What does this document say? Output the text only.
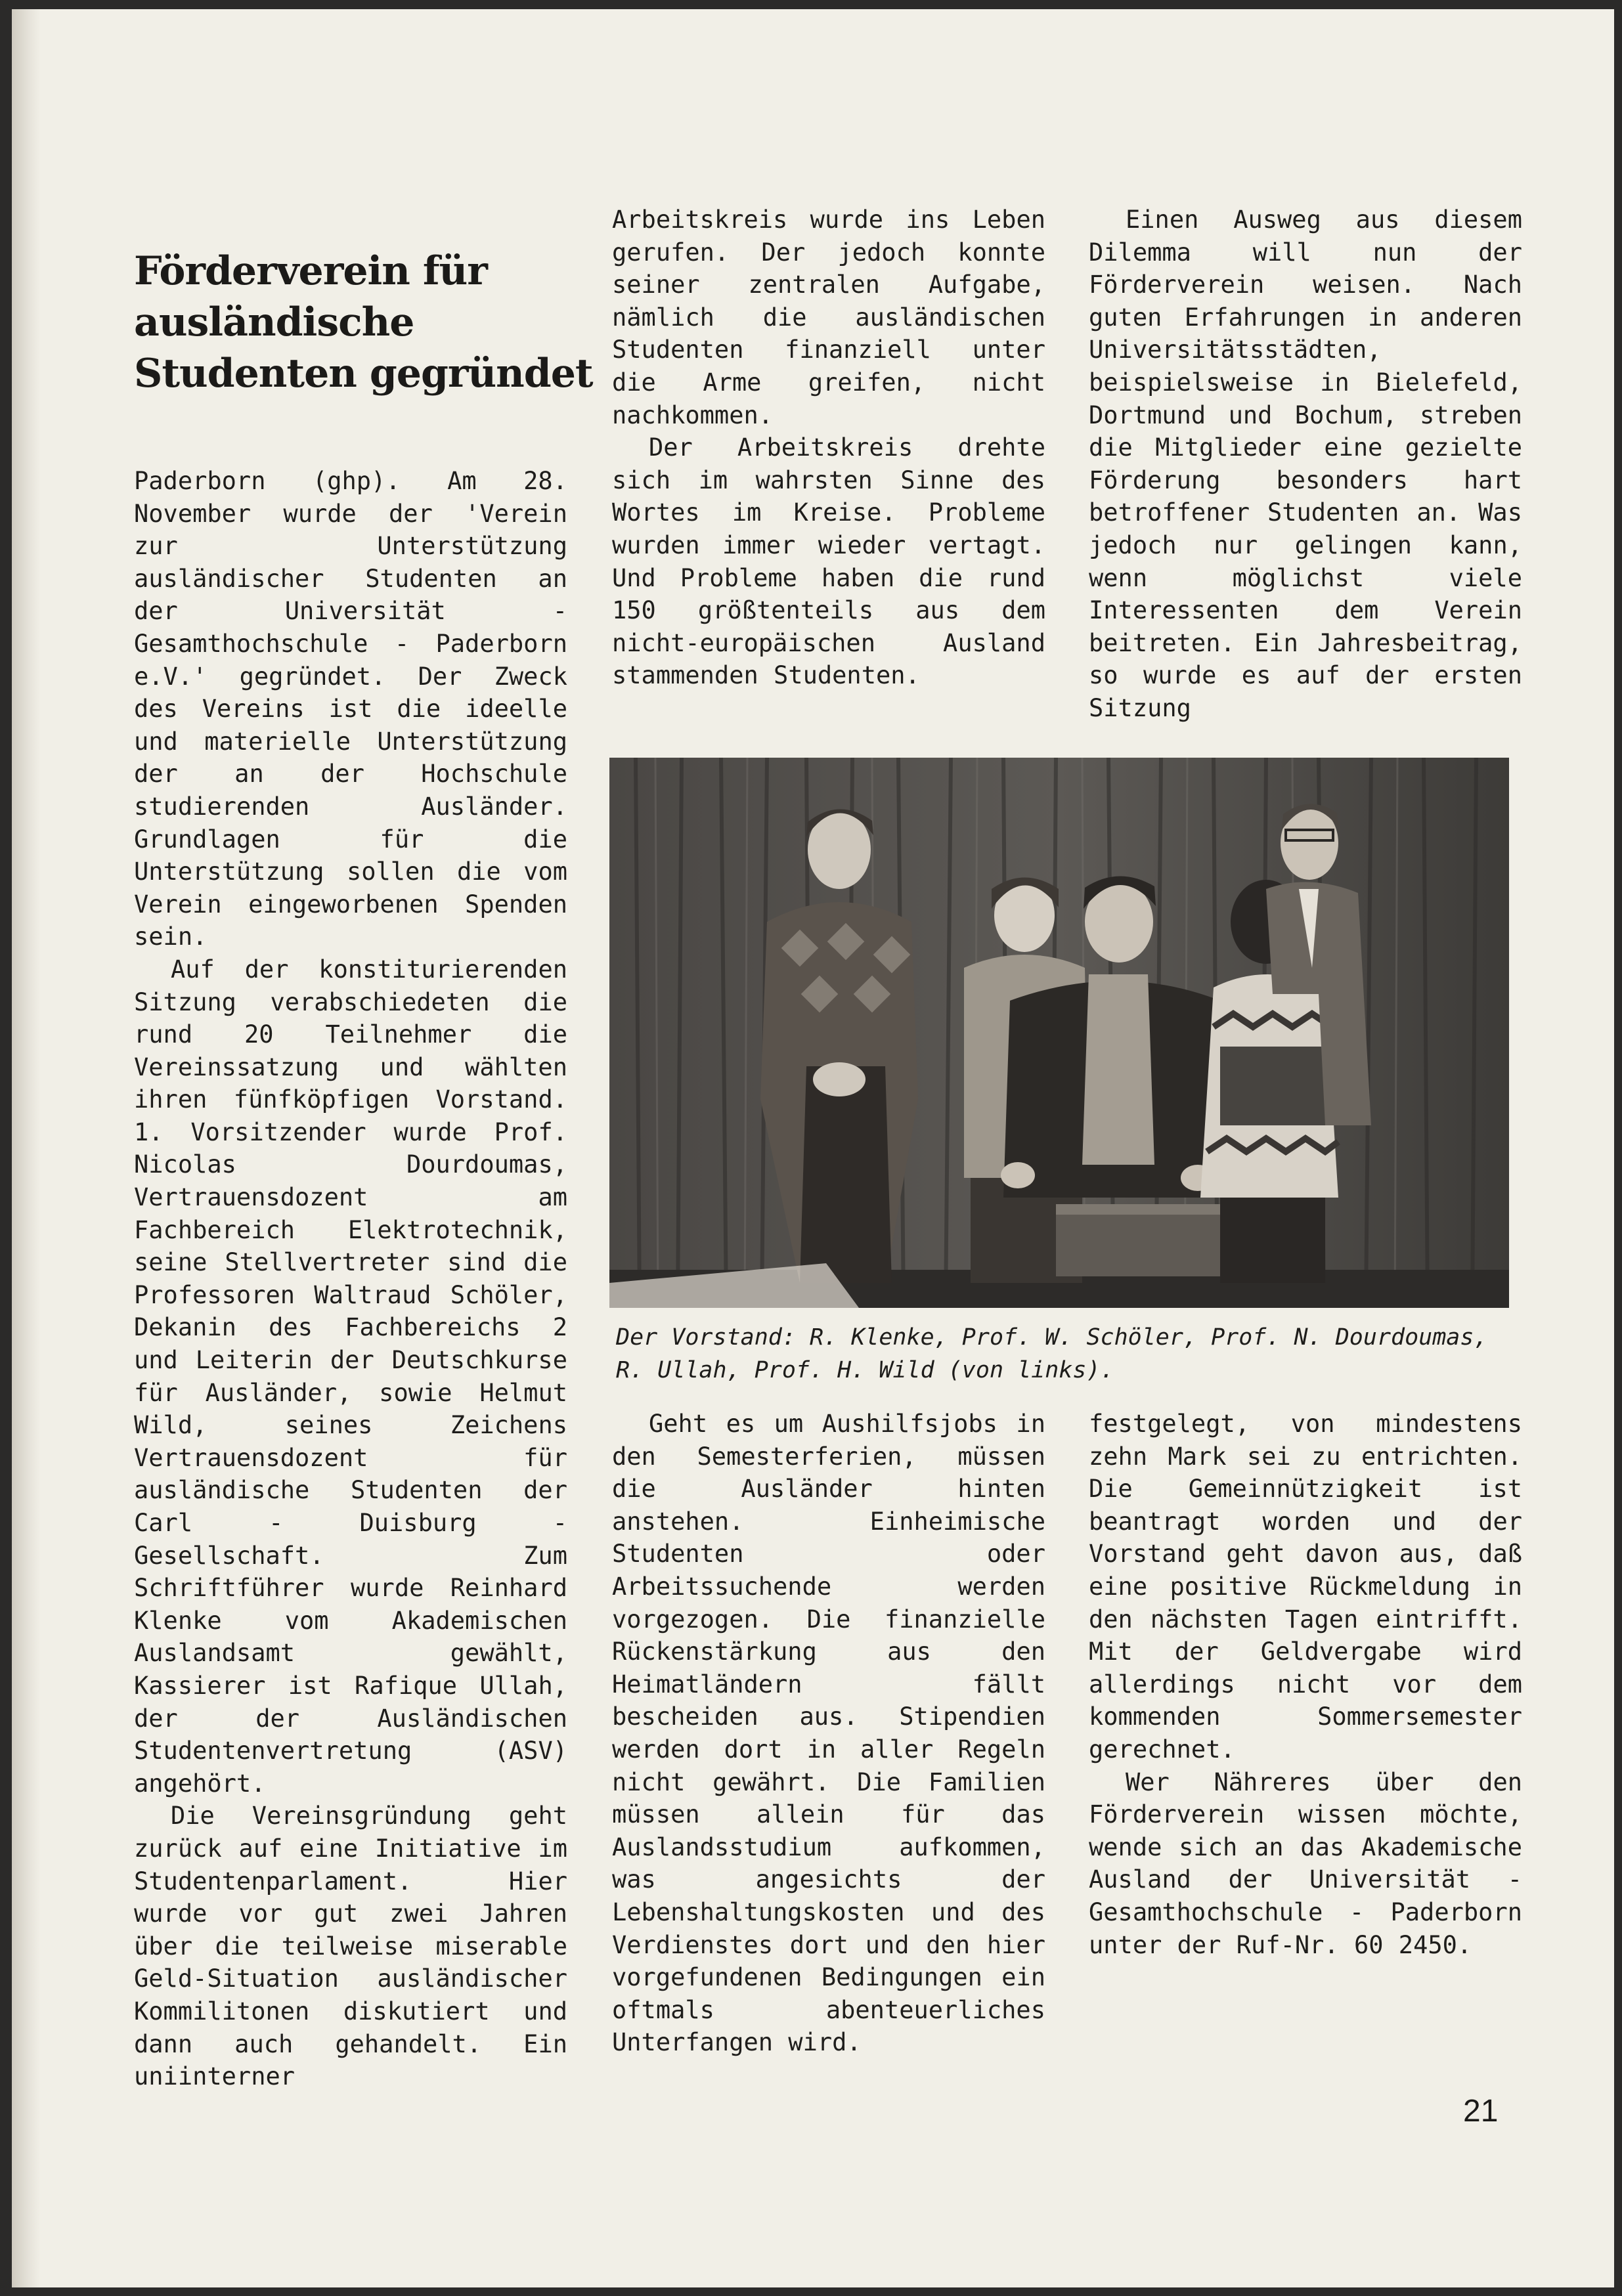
Förderverein für ausländische Studenten gegründet

Paderborn (ghp). Am 28. November wurde der 'Verein zur Unterstützung ausländischer Studenten an der Universität - Gesamthochschule - Paderborn e.V.' gegründet. Der Zweck des Vereins ist die ideelle und materielle Unterstützung der an der Hochschule studierenden Ausländer. Grundlagen für die Unterstützung sollen die vom Verein eingeworbenen Spenden sein.

Auf der konstiturierenden Sitzung verabschiedeten die rund 20 Teilnehmer die Vereinssatzung und wählten ihren fünfköpfigen Vorstand. 1. Vorsitzender wurde Prof. Nicolas Dourdoumas, Vertrauensdozent am Fachbereich Elektrotechnik, seine Stellvertreter sind die Professoren Waltraud Schöler, Dekanin des Fachbereichs 2 und Leiterin der Deutschkurse für Ausländer, sowie Helmut Wild, seines Zeichens Vertrauensdozent für ausländische Studenten der Carl - Duisburg - Gesellschaft. Zum Schriftführer wurde Reinhard Klenke vom Akademischen Auslandsamt gewählt, Kassierer ist Rafique Ullah, der der Ausländischen Studentenvertretung (ASV) angehört.

Die Vereinsgründung geht zurück auf eine Initiative im Studentenparlament. Hier wurde vor gut zwei Jahren über die teilweise miserable Geld-Situation ausländischer Kommilitonen diskutiert und dann auch gehandelt. Ein uniinterner

Arbeitskreis wurde ins Leben gerufen. Der jedoch konnte seiner zentralen Aufgabe, nämlich die ausländischen Studenten finanziell unter die Arme greifen, nicht nachkommen.

Der Arbeitskreis drehte sich im wahrsten Sinne des Wortes im Kreise. Probleme wurden immer wieder vertagt. Und Probleme haben die rund 150 größtenteils aus dem nicht-europäischen Ausland stammenden Studenten.

Einen Ausweg aus diesem Dilemma will nun der Förderverein weisen. Nach guten Erfahrungen in anderen Universitätsstädten, beispielsweise in Bielefeld, Dortmund und Bochum, streben die Mitglieder eine gezielte Förderung besonders hart betroffener Studenten an. Was jedoch nur gelingen kann, wenn möglichst viele Interessenten dem Verein beitreten. Ein Jahresbeitrag, so wurde es auf der ersten Sitzung

Der Vorstand: R. Klenke, Prof. W. Schöler, Prof. N. Dourdoumas, R. Ullah, Prof. H. Wild (von links).

Geht es um Aushilfsjobs in den Semesterferien, müssen die Ausländer hinten anstehen. Einheimische Studenten oder Arbeitssuchende werden vorgezogen. Die finanzielle Rückenstärkung aus den Heimatländern fällt bescheiden aus. Stipendien werden dort in aller Regeln nicht gewährt. Die Familien müssen allein für das Auslandsstudium aufkommen, was angesichts der Lebenshaltungskosten und des Verdienstes dort und den hier vorgefundenen Bedingungen ein oftmals abenteuerliches Unterfangen wird.

festgelegt, von mindestens zehn Mark sei zu entrichten. Die Gemeinnützigkeit ist beantragt worden und der Vorstand geht davon aus, daß eine positive Rückmeldung in den nächsten Tagen eintrifft. Mit der Geldvergabe wird allerdings nicht vor dem kommenden Sommersemester gerechnet.

Wer Nähreres über den Förderverein wissen möchte, wende sich an das Akademische Ausland der Universität - Gesamthochschule - Paderborn unter der Ruf-Nr. 60 2450.

21
